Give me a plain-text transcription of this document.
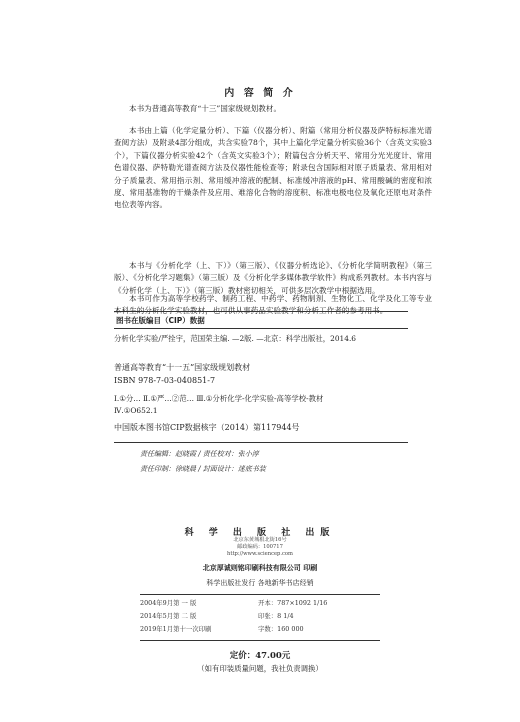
内 容 简 介
本书为普通高等教育“十三”国家级规划教材。
本书由上篇（化学定量分析）、下篇（仪器分析）、附篇（常用分析仪器及萨特标标准光谱查阅方法）及附录4部分组成，共含实验78个，其中上篇化学定量分析实验36个（含英文实验3个），下篇仪器分析实验42个（含英文实验3个）；附篇包含分析天平、常用分光光度计、常用色谱仪器、萨特勒光谱查阅方法及仪器性能检查等；附录包含国际相对原子质量表、常用相对分子质量表、常用指示剂、常用缓冲溶液的配制、标准缓冲溶液的pH、常用酸碱的密度和浓度、常用基准物的干燥条件及应用、难溶化合物的溶度积、标准电极电位及氧化还原电对条件电位表等内容。
本书与《分析化学（上、下）》（第三版）、《仪器分析选论》、《分析化学简明教程》（第三版）、《分析化学习题集》（第三版）及《分析化学多媒体教学软件》构成系列教材。本书内容与《分析化学（上、下）》（第三版）教材密切相关，可供多层次教学中根据选用。
本书可作为高等学校药学、制药工程、中药学、药物制剂、生物化工、化学及化工等专业本科生的分析化学实验教材，也可供从事药品实验教学和分析工作者的参考用书。
图书在版编目（CIP）数据
分析化学实验/严拴宇，范国荣主编. —2版. —北京：科学出版社，2014.6
普通高等教育“十一五”国家级规划教材
ISBN 978-7-03-040851-7
Ⅰ.①分… Ⅱ.①严…②范… Ⅲ.①分析化学-化学实验-高等学校-教材
Ⅳ.①O652.1
中国版本图书馆CIP数据核字（2014）第117944号
责任编辑：赵晓霞 / 责任校对：张小淳
责任印制：徐晓晨 / 封面设计：迷底书装
科 学 出 版 社 出版
北京东黄城根北街16号
邮政编码：100717
http://www.sciencep.com
北京厚诚则铭印刷科技有限公司 印刷
科学出版社发行 各地新华书店经销
2004年9月第 一 版	开本：787×1092 1/16
2014年5月第 二 版	印张：8 1/4
2019年1月第十一次印刷	字数：160 000
定价：47.00元
（如有印装质量问题，我社负责调换）
